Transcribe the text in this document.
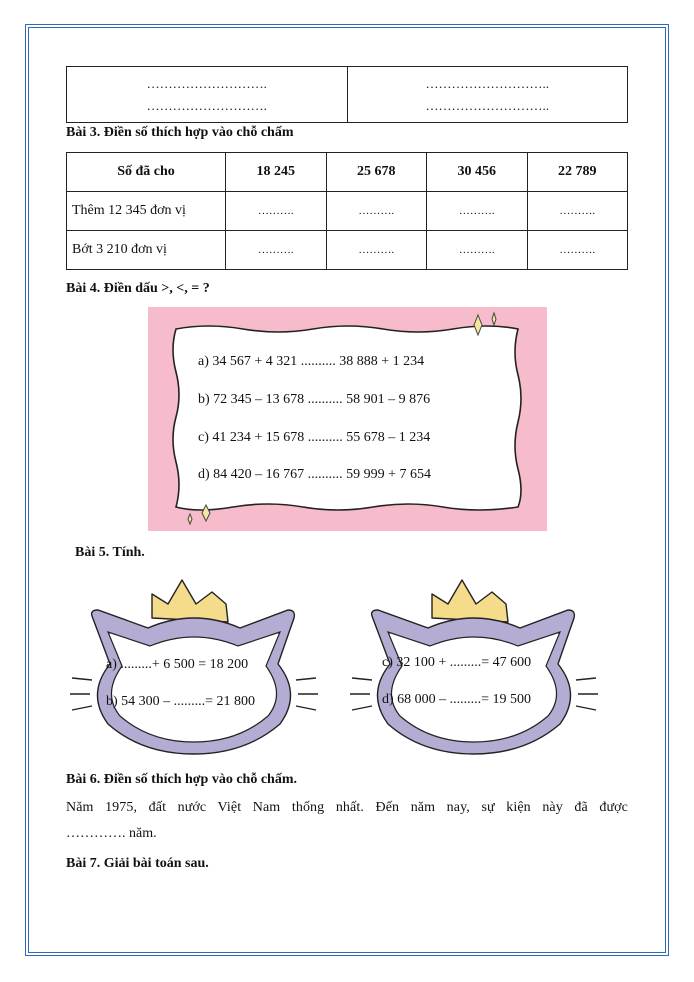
……………………….
……………………….

………………………..
………………………..
Bài 3. Điền số thích hợp vào chỗ chấm
Số đã cho	18 245	25 678	30 456	22 789
Thêm 12 345 đơn vị	……….	……….	……….	……….
Bớt 3 210 đơn vị	……….	……….	……….	……….
Bài 4. Điền dấu >, <, = ?
a) 34 567 + 4 321 .......... 38 888 + 1 234
b) 72 345 – 13 678 .......... 58 901 – 9 876
c) 41 234 + 15 678 .......... 55 678 – 1 234
d) 84 420 – 16 767 .......... 59 999 + 7 654
Bài 5. Tính.
a) .........+ 6 500 = 18 200
b) 54 300 – .........= 21 800
c) 32 100 + .........= 47 600
d) 68 000 – .........= 19 500
Bài 6. Điền số thích hợp vào chỗ chấm.
Năm 1975, đất nước Việt Nam thống nhất. Đến năm nay, sự kiện này đã được
…………. năm.
Bài 7. Giải bài toán sau.
